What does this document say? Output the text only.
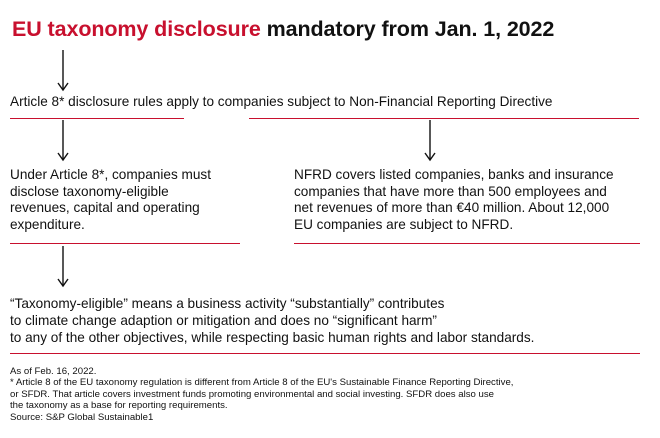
EU taxonomy disclosure mandatory from Jan. 1, 2022
Article 8* disclosure rules apply to companies subject to Non-Financial Reporting Directive
Under Article 8*, companies must
disclose taxonomy-eligible
revenues, capital and operating
expenditure.
NFRD covers listed companies, banks and insurance
companies that have more than 500 employees and
net revenues of more than €40 million. About 12,000
EU companies are subject to NFRD.
“Taxonomy-eligible” means a business activity “substantially” contributes
to climate change adaption or mitigation and does no “significant harm”
to any of the other objectives, while respecting basic human rights and labor standards.
As of Feb. 16, 2022.
* Article 8 of the EU taxonomy regulation is different from Article 8 of the EU's Sustainable Finance Reporting Directive,
or SFDR. That article covers investment funds promoting environmental and social investing. SFDR does also use
the taxonomy as a base for reporting requirements.
Source: S&P Global Sustainable1
